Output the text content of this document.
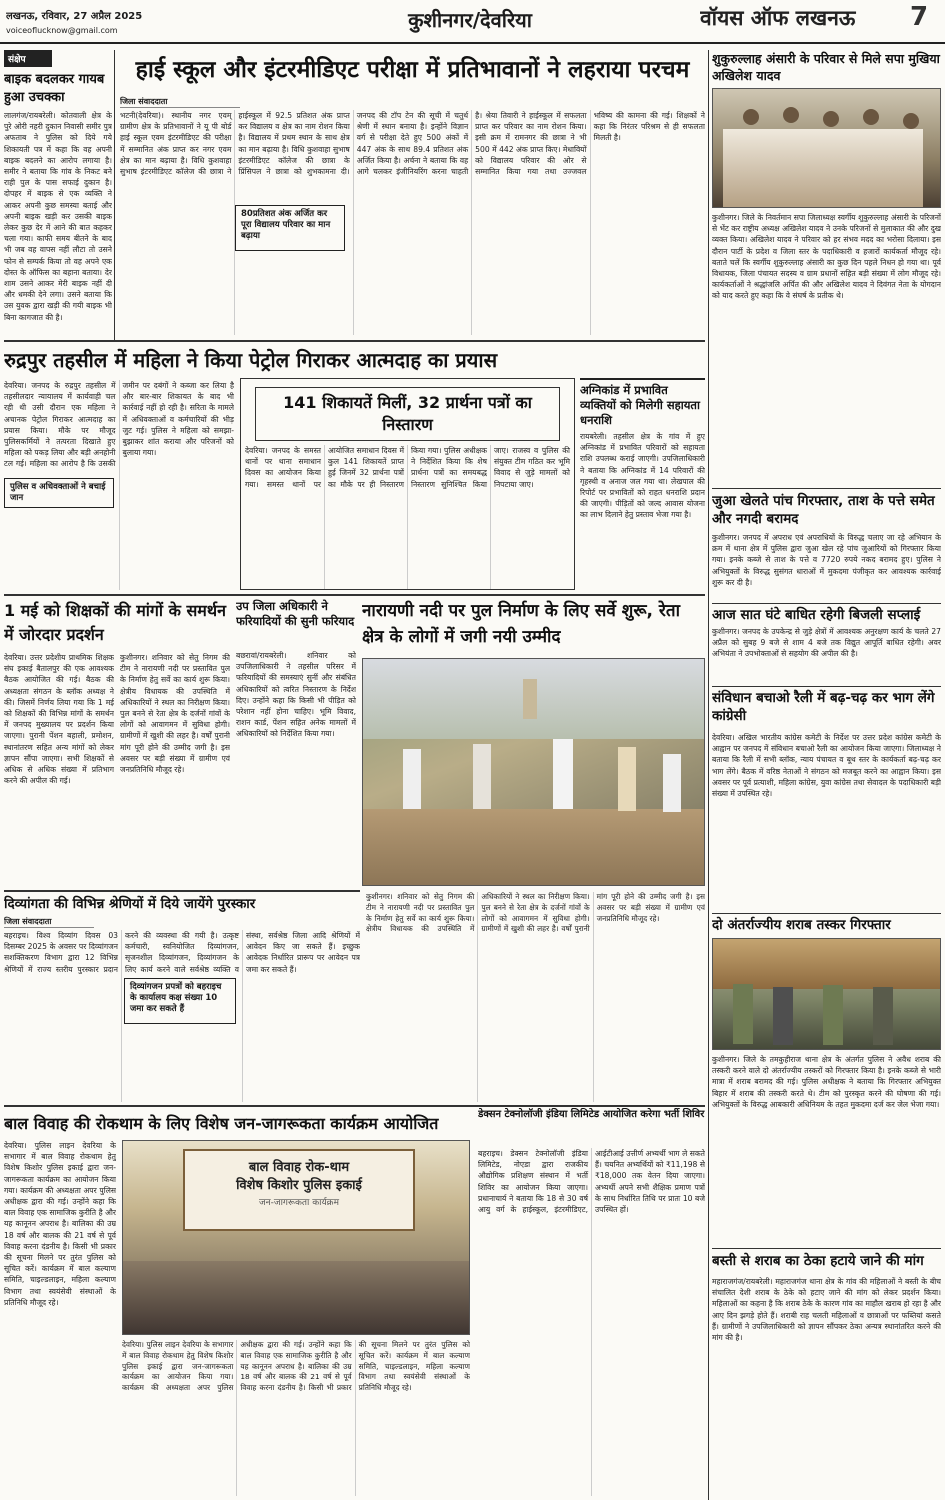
लखनऊ, रविवार, 27 अप्रैल 2025
voiceoflucknow@gmail.com	कुशीनगर/देवरिया	वॉयस ऑफ लखनऊ	7
संक्षेप
बाइक बदलकर गायब हुआ उचक्का
लालगंज/रायबरेली। कोतवाली क्षेत्र के पुरे ओरी नहरी दुकान निवासी समीर पुत्र अफताब ने पुलिस को दिये गये शिकायती पत्र में कहा कि वह अपनी बाइक बदलने का आरोप लगाया है। समीर ने बताया कि गांव के निकट बने राही पुल के पास सफाई दुकान है। दोपहर में बाइक से एक व्यक्ति ने आकर अपनी कुछ समस्या बताई और अपनी बाइक खड़ी कर उसकी बाइक लेकर कुछ देर में आने की बात कहकर चला गया। काफी समय बीतने के बाद भी जब वह वापस नहीं लौटा तो उसने फोन से सम्पर्क किया तो वह अपने एक दोस्त के ऑफिस का बहाना बताया। देर शाम उसने आकर मेरी बाइक नहीं दी और धमकी देने लगा। उसने बताया कि उस युवक द्वारा खड़ी की गयी बाइक भी बिना कागजात की है।
हाई स्कूल और इंटरमीडिएट परीक्षा में प्रतिभावानों ने लहराया परचम
जिला संवाददाता
भटनी(देवरिया)। स्थानीय नगर एवम् ग्रामीण क्षेत्र के प्रतिभावानों ने यू पी बोर्ड हाई स्कूल एवम इंटरमीडिएट की परीक्षा में सम्मानित अंक प्राप्त कर नगर एवम क्षेत्र का मान बढ़ाया है। विधि कुशवाहा सुभाष इंटरमीडिएट कॉलेज की छात्रा ने हाईस्कूल में 92.5 प्रतिशत अंक प्राप्त कर विद्यालय व क्षेत्र का नाम रोशन किया है। विद्यालय में प्रथम स्थान के साथ क्षेत्र का मान बढ़ाया है। विधि कुशवाहा सुभाष इंटरमीडिएट कॉलेज की छात्रा के प्रिंसिपल ने छात्रा को शुभकामना दी। जनपद की टॉप टेन की सूची में चतुर्थ श्रेणी में स्थान बनाया है। इन्होंने विज्ञान वर्ग से परीक्षा देते हुए 500 अंकों में 447 अंक के साथ 89.4 प्रतिशत अंक अर्जित किया है। अर्चना ने बताया कि वह आगे चलकर इंजीनियरिंग करना चाहती है। श्रेया तिवारी ने हाईस्कूल में सफलता प्राप्त कर परिवार का नाम रोशन किया। इसी क्रम में रामनगर की छात्रा ने भी 500 में 442 अंक प्राप्त किए। मेधावियों को विद्यालय परिवार की ओर से सम्मानित किया गया तथा उज्जवल भविष्य की कामना की गई। शिक्षकों ने कहा कि निरंतर परिश्रम से ही सफलता मिलती है।
80प्रतिशत अंक अर्जित कर पूरा विद्यालय परिवार का मान बढ़ाया
शुकुरुल्लाह अंसारी के परिवार से मिले सपा मुखिया अखिलेश यादव
कुशीनगर। जिले के निवर्तमान सपा जिलाध्यक्ष स्वर्गीय शुकुरुल्लाह अंसारी के परिजनों से भेंट कर राष्ट्रीय अध्यक्ष अखिलेश यादव ने उनके परिजनों से मुलाकात की और दुख व्यक्त किया। अखिलेश यादव ने परिवार को हर संभव मदद का भरोसा दिलाया। इस दौरान पार्टी के प्रदेश व जिला स्तर के पदाधिकारी व हजारों कार्यकर्ता मौजूद रहे। बताते चलें कि स्वर्गीय शुकुरुल्लाह अंसारी का कुछ दिन पहले निधन हो गया था। पूर्व विधायक, जिला पंचायत सदस्य व ग्राम प्रधानों सहित बड़ी संख्या में लोग मौजूद रहे। कार्यकर्ताओं ने श्रद्धांजलि अर्पित की और अखिलेश यादव ने दिवंगत नेता के योगदान को याद करते हुए कहा कि वे संघर्ष के प्रतीक थे।
रुद्रपुर तहसील में महिला ने किया पेट्रोल गिराकर आत्मदाह का प्रयास
देवरिया। जनपद के रुद्रपुर तहसील में तहसीलदार न्यायालय में कार्यवाही चल रही थी उसी दौरान एक महिला ने अचानक पेट्रोल गिराकर आत्मदाह का प्रयास किया। मौके पर मौजूद पुलिसकर्मियों ने तत्परता दिखाते हुए महिला को पकड़ लिया और बड़ी अनहोनी टल गई। महिला का आरोप है कि उसकी जमीन पर दबंगों ने कब्जा कर लिया है और बार-बार शिकायत के बाद भी कार्रवाई नहीं हो रही है। सरिता के मामले में अधिवक्ताओं व कर्मचारियों की भीड़ जुट गई। पुलिस ने महिला को समझा-बुझाकर शांत कराया और परिजनों को बुलाया गया।
पुलिस व अधिवक्ताओं ने बचाई जान
141 शिकायतें मिलीं, 32 प्रार्थना पत्रों का निस्तारण
देवरिया। जनपद के समस्त थानों पर थाना समाधान दिवस का आयोजन किया गया। समस्त थानों पर आयोजित समाधान दिवस में कुल 141 शिकायतें प्राप्त हुई जिनमें 32 प्रार्थना पत्रों का मौके पर ही निस्तारण किया गया। पुलिस अधीक्षक ने निर्देशित किया कि शेष प्रार्थना पत्रों का समयबद्ध निस्तारण सुनिश्चित किया जाए। राजस्व व पुलिस की संयुक्त टीम गठित कर भूमि विवाद से जुड़े मामलों को निपटाया जाए।
अग्निकांड में प्रभावित व्यक्तियों को मिलेगी सहायता धनराशि
रायबरेली। तहसील क्षेत्र के गांव में हुए अग्निकांड में प्रभावित परिवारों को सहायता राशि उपलब्ध कराई जाएगी। उपजिलाधिकारी ने बताया कि अग्निकांड में 14 परिवारों की गृहस्थी व अनाज जल गया था। लेखपाल की रिपोर्ट पर प्रभावितों को राहत धनराशि प्रदान की जाएगी। पीड़ितों को जल्द आवास योजना का लाभ दिलाने हेतु प्रस्ताव भेजा गया है।
जुआ खेलते पांच गिरफ्तार, ताश के पत्ते समेत और नगदी बरामद
कुशीनगर। जनपद में अपराध एवं अपराधियों के विरुद्ध चलाए जा रहे अभियान के क्रम में थाना क्षेत्र में पुलिस द्वारा जुआ खेल रहे पांच जुआरियों को गिरफ्तार किया गया। इनके कब्जे से ताश के पत्ते व 7720 रुपये नकद बरामद हुए। पुलिस ने अभियुक्तों के विरुद्ध सुसंगत धाराओं में मुकदमा पंजीकृत कर आवश्यक कार्रवाई शुरू कर दी है।
आज सात घंटे बाधित रहेगी बिजली सप्लाई
कुशीनगर। जनपद के उपकेन्द्र से जुड़े क्षेत्रों में आवश्यक अनुरक्षण कार्य के चलते 27 अप्रैल को सुबह 9 बजे से शाम 4 बजे तक विद्युत आपूर्ति बाधित रहेगी। अवर अभियंता ने उपभोक्ताओं से सहयोग की अपील की है।
1 मई को शिक्षकों की मांगों के समर्थन में जोरदार प्रदर्शन
देवरिया। उत्तर प्रदेशीय प्राथमिक शिक्षक संघ इकाई बैतालपुर की एक आवश्यक बैठक आयोजित की गई। बैठक की अध्यक्षता संगठन के ब्लॉक अध्यक्ष ने की। जिसमें निर्णय लिया गया कि 1 मई को शिक्षकों की विभिन्न मांगों के समर्थन में जनपद मुख्यालय पर प्रदर्शन किया जाएगा। पुरानी पेंशन बहाली, प्रमोशन, स्थानांतरण सहित अन्य मांगों को लेकर ज्ञापन सौंपा जाएगा। सभी शिक्षकों से अधिक से अधिक संख्या में प्रतिभाग करने की अपील की गई।
कुशीनगर। शनिवार को सेतु निगम की टीम ने नारायणी नदी पर प्रस्तावित पुल के निर्माण हेतु सर्वे का कार्य शुरू किया। क्षेत्रीय विधायक की उपस्थिति में अधिकारियों ने स्थल का निरीक्षण किया। पुल बनने से रेता क्षेत्र के दर्जनों गांवों के लोगों को आवागमन में सुविधा होगी। ग्रामीणों में खुशी की लहर है। वर्षों पुरानी मांग पूरी होने की उम्मीद जगी है। इस अवसर पर बड़ी संख्या में ग्रामीण एवं जनप्रतिनिधि मौजूद रहे।
उप जिला अधिकारी ने फरियादियों की सुनी फरियाद
बछरावां/रायबरेली। शनिवार को उपजिलाधिकारी ने तहसील परिसर में फरियादियों की समस्याएं सुनीं और संबंधित अधिकारियों को त्वरित निस्तारण के निर्देश दिए। उन्होंने कहा कि किसी भी पीड़ित को परेशान नहीं होना चाहिए। भूमि विवाद, राशन कार्ड, पेंशन सहित अनेक मामलों में अधिकारियों को निर्देशित किया गया।
नारायणी नदी पर पुल निर्माण के लिए सर्वे शुरू, रेता क्षेत्र के लोगों में जगी नयी उम्मीद
संविधान बचाओ रैली में बढ़-चढ़ कर भाग लेंगे कांग्रेसी
देवरिया। अखिल भारतीय कांग्रेस कमेटी के निर्देश पर उत्तर प्रदेश कांग्रेस कमेटी के आह्वान पर जनपद में संविधान बचाओ रैली का आयोजन किया जाएगा। जिलाध्यक्ष ने बताया कि रैली में सभी ब्लॉक, न्याय पंचायत व बूथ स्तर के कार्यकर्ता बढ़-चढ़ कर भाग लेंगे। बैठक में वरिष्ठ नेताओं ने संगठन को मजबूत करने का आह्वान किया। इस अवसर पर पूर्व प्रत्याशी, महिला कांग्रेस, युवा कांग्रेस तथा सेवादल के पदाधिकारी बड़ी संख्या में उपस्थित रहे।
दिव्यांगता की विभिन्न श्रेणियों में दिये जायेंगे पुरस्कार
जिला संवाददाता
बहराइच। विश्व दिव्यांग दिवस 03 दिसम्बर 2025 के अवसर पर दिव्यांगजन सशक्तिकरण विभाग द्वारा 12 विभिन्न श्रेणियों में राज्य स्तरीय पुरस्कार प्रदान करने की व्यवस्था की गयी है। उत्कृष्ट कर्मचारी, स्वनियोजित दिव्यांगजन, सृजनशील दिव्यांगजन, दिव्यांगजन के लिए कार्य करने वाले सर्वश्रेष्ठ व्यक्ति व संस्था, सर्वश्रेष्ठ जिला आदि श्रेणियों में आवेदन किए जा सकते हैं। इच्छुक आवेदक निर्धारित प्रारूप पर आवेदन पत्र जमा कर सकते हैं।
दिव्यांगजन प्रपत्रों को बहराइच के कार्यालय कक्ष संख्या 10 जमा कर सकते हैं
कुशीनगर। शनिवार को सेतु निगम की टीम ने नारायणी नदी पर प्रस्तावित पुल के निर्माण हेतु सर्वे का कार्य शुरू किया। क्षेत्रीय विधायक की उपस्थिति में अधिकारियों ने स्थल का निरीक्षण किया। पुल बनने से रेता क्षेत्र के दर्जनों गांवों के लोगों को आवागमन में सुविधा होगी। ग्रामीणों में खुशी की लहर है। वर्षों पुरानी मांग पूरी होने की उम्मीद जगी है। इस अवसर पर बड़ी संख्या में ग्रामीण एवं जनप्रतिनिधि मौजूद रहे।	दो अंतर्राज्यीय शराब तस्कर गिरफ्तार
कुशीनगर। जिले के तमकुहीराज थाना क्षेत्र के अंतर्गत पुलिस ने अवैध शराब की तस्करी करने वाले दो अंतर्राज्यीय तस्करों को गिरफ्तार किया है। इनके कब्जे से भारी मात्रा में शराब बरामद की गई। पुलिस अधीक्षक ने बताया कि गिरफ्तार अभियुक्त बिहार में शराब की तस्करी करते थे। टीम को पुरस्कृत करने की घोषणा की गई। अभियुक्तों के विरुद्ध आबकारी अधिनियम के तहत मुकदमा दर्ज कर जेल भेजा गया।
बाल विवाह की रोकथाम के लिए विशेष जन-जागरूकता कार्यक्रम आयोजित
देवरिया। पुलिस लाइन देवरिया के सभागार में बाल विवाह रोकथाम हेतु विशेष किशोर पुलिस इकाई द्वारा जन-जागरूकता कार्यक्रम का आयोजन किया गया। कार्यक्रम की अध्यक्षता अपर पुलिस अधीक्षक द्वारा की गई। उन्होंने कहा कि बाल विवाह एक सामाजिक कुरीति है और यह कानूनन अपराध है। बालिका की उम्र 18 वर्ष और बालक की 21 वर्ष से पूर्व विवाह करना दंडनीय है। किसी भी प्रकार की सूचना मिलने पर तुरंत पुलिस को सूचित करें। कार्यक्रम में बाल कल्याण समिति, चाइल्डलाइन, महिला कल्याण विभाग तथा स्वयंसेवी संस्थाओं के प्रतिनिधि मौजूद रहे।
बाल विवाह रोक-थाम
विशेष किशोर पुलिस इकाई
जन-जागरूकता कार्यक्रम
देवरिया। पुलिस लाइन देवरिया के सभागार में बाल विवाह रोकथाम हेतु विशेष किशोर पुलिस इकाई द्वारा जन-जागरूकता कार्यक्रम का आयोजन किया गया। कार्यक्रम की अध्यक्षता अपर पुलिस अधीक्षक द्वारा की गई। उन्होंने कहा कि बाल विवाह एक सामाजिक कुरीति है और यह कानूनन अपराध है। बालिका की उम्र 18 वर्ष और बालक की 21 वर्ष से पूर्व विवाह करना दंडनीय है। किसी भी प्रकार की सूचना मिलने पर तुरंत पुलिस को सूचित करें। कार्यक्रम में बाल कल्याण समिति, चाइल्डलाइन, महिला कल्याण विभाग तथा स्वयंसेवी संस्थाओं के प्रतिनिधि मौजूद रहे।
डेक्सन टेक्नोलॉजी इंडिया लिमिटेड आयोजित करेगा भर्ती शिविर
बहराइच। डेक्सन टेक्नोलॉजी इंडिया लिमिटेड, नोएडा द्वारा राजकीय औद्योगिक प्रशिक्षण संस्थान में भर्ती शिविर का आयोजन किया जाएगा। प्रधानाचार्य ने बताया कि 18 से 30 वर्ष आयु वर्ग के हाईस्कूल, इंटरमीडिएट, आईटीआई उत्तीर्ण अभ्यर्थी भाग ले सकते हैं। चयनित अभ्यर्थियों को ₹11,198 से ₹18,000 तक वेतन दिया जाएगा। अभ्यर्थी अपने सभी शैक्षिक प्रमाण पत्रों के साथ निर्धारित तिथि पर प्रातः 10 बजे उपस्थित हों।
बस्ती से शराब का ठेका हटाये जाने की मांग
महाराजगंज/रायबरेली। महाराजगंज थाना क्षेत्र के गांव की महिलाओं ने बस्ती के बीच संचालित देशी शराब के ठेके को हटाए जाने की मांग को लेकर प्रदर्शन किया। महिलाओं का कहना है कि शराब ठेके के कारण गांव का माहौल खराब हो रहा है और आए दिन झगड़े होते हैं। शराबी राह चलती महिलाओं व छात्राओं पर फब्तियां कसते हैं। ग्रामीणों ने उपजिलाधिकारी को ज्ञापन सौंपकर ठेका अन्यत्र स्थानांतरित करने की मांग की है।
